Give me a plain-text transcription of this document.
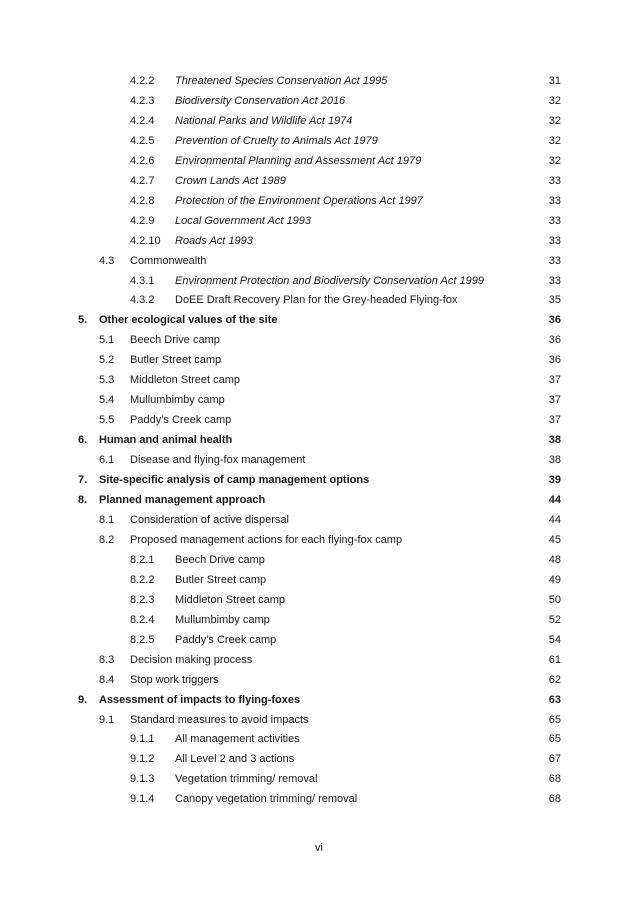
4.2.2 Threatened Species Conservation Act 1995	31
4.2.3 Biodiversity Conservation Act 2016	32
4.2.4 National Parks and Wildlife Act 1974	32
4.2.5 Prevention of Cruelty to Animals Act 1979	32
4.2.6 Environmental Planning and Assessment Act 1979	32
4.2.7 Crown Lands Act 1989	33
4.2.8 Protection of the Environment Operations Act 1997	33
4.2.9 Local Government Act 1993	33
4.2.10 Roads Act 1993	33
4.3 Commonwealth	33
4.3.1 Environment Protection and Biodiversity Conservation Act 1999	33
4.3.2 DoEE Draft Recovery Plan for the Grey-headed Flying-fox	35
5. Other ecological values of the site	36
5.1 Beech Drive camp	36
5.2 Butler Street camp	36
5.3 Middleton Street camp	37
5.4 Mullumbimby camp	37
5.5 Paddy’s Creek camp	37
6. Human and animal health	38
6.1 Disease and flying-fox management	38
7. Site-specific analysis of camp management options	39
8. Planned management approach	44
8.1 Consideration of active dispersal	44
8.2 Proposed management actions for each flying-fox camp	45
8.2.1 Beech Drive camp	48
8.2.2 Butler Street camp	49
8.2.3 Middleton Street camp	50
8.2.4 Mullumbimby camp	52
8.2.5 Paddy’s Creek camp	54
8.3 Decision making process	61
8.4 Stop work triggers	62
9. Assessment of impacts to flying-foxes	63
9.1 Standard measures to avoid impacts	65
9.1.1 All management activities	65
9.1.2 All Level 2 and 3 actions	67
9.1.3 Vegetation trimming/ removal	68
9.1.4 Canopy vegetation trimming/ removal	68
vi
